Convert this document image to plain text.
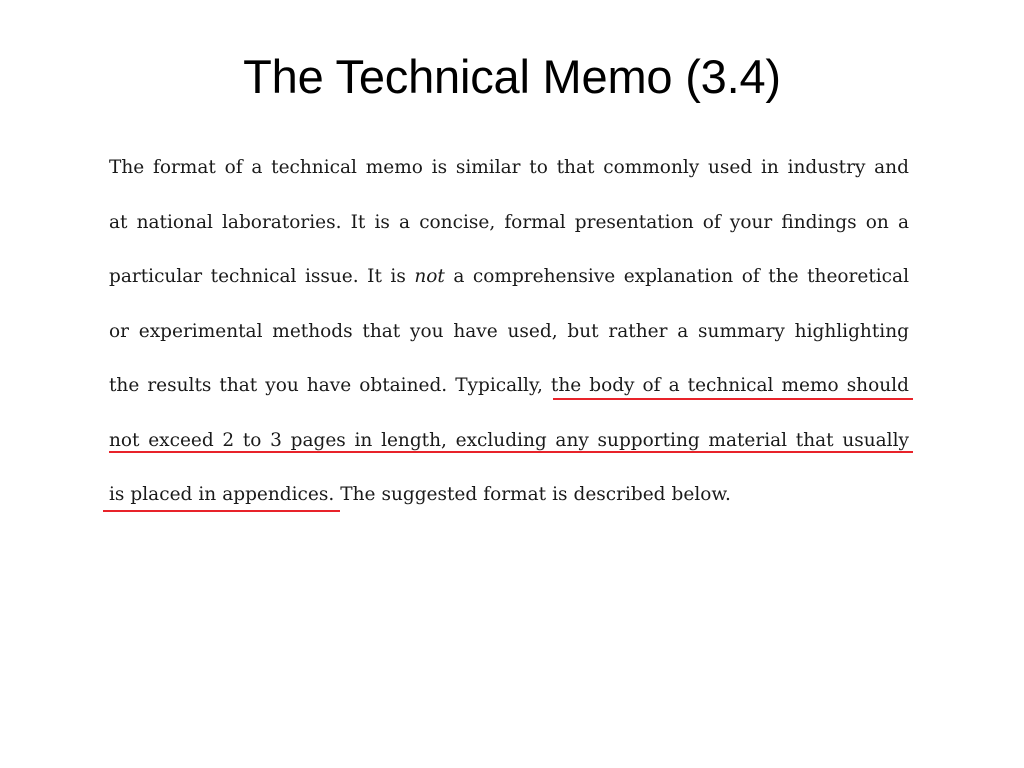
The Technical Memo (3.4)
The format of a technical memo is similar to that commonly used in industry and
at national laboratories. It is a concise, formal presentation of your findings on a
particular technical issue. It is not a comprehensive explanation of the theoretical
or experimental methods that you have used, but rather a summary highlighting
the results that you have obtained. Typically, the body of a technical memo should
not exceed 2 to 3 pages in length, excluding any supporting material that usually
is placed in appendices. The suggested format is described below.
